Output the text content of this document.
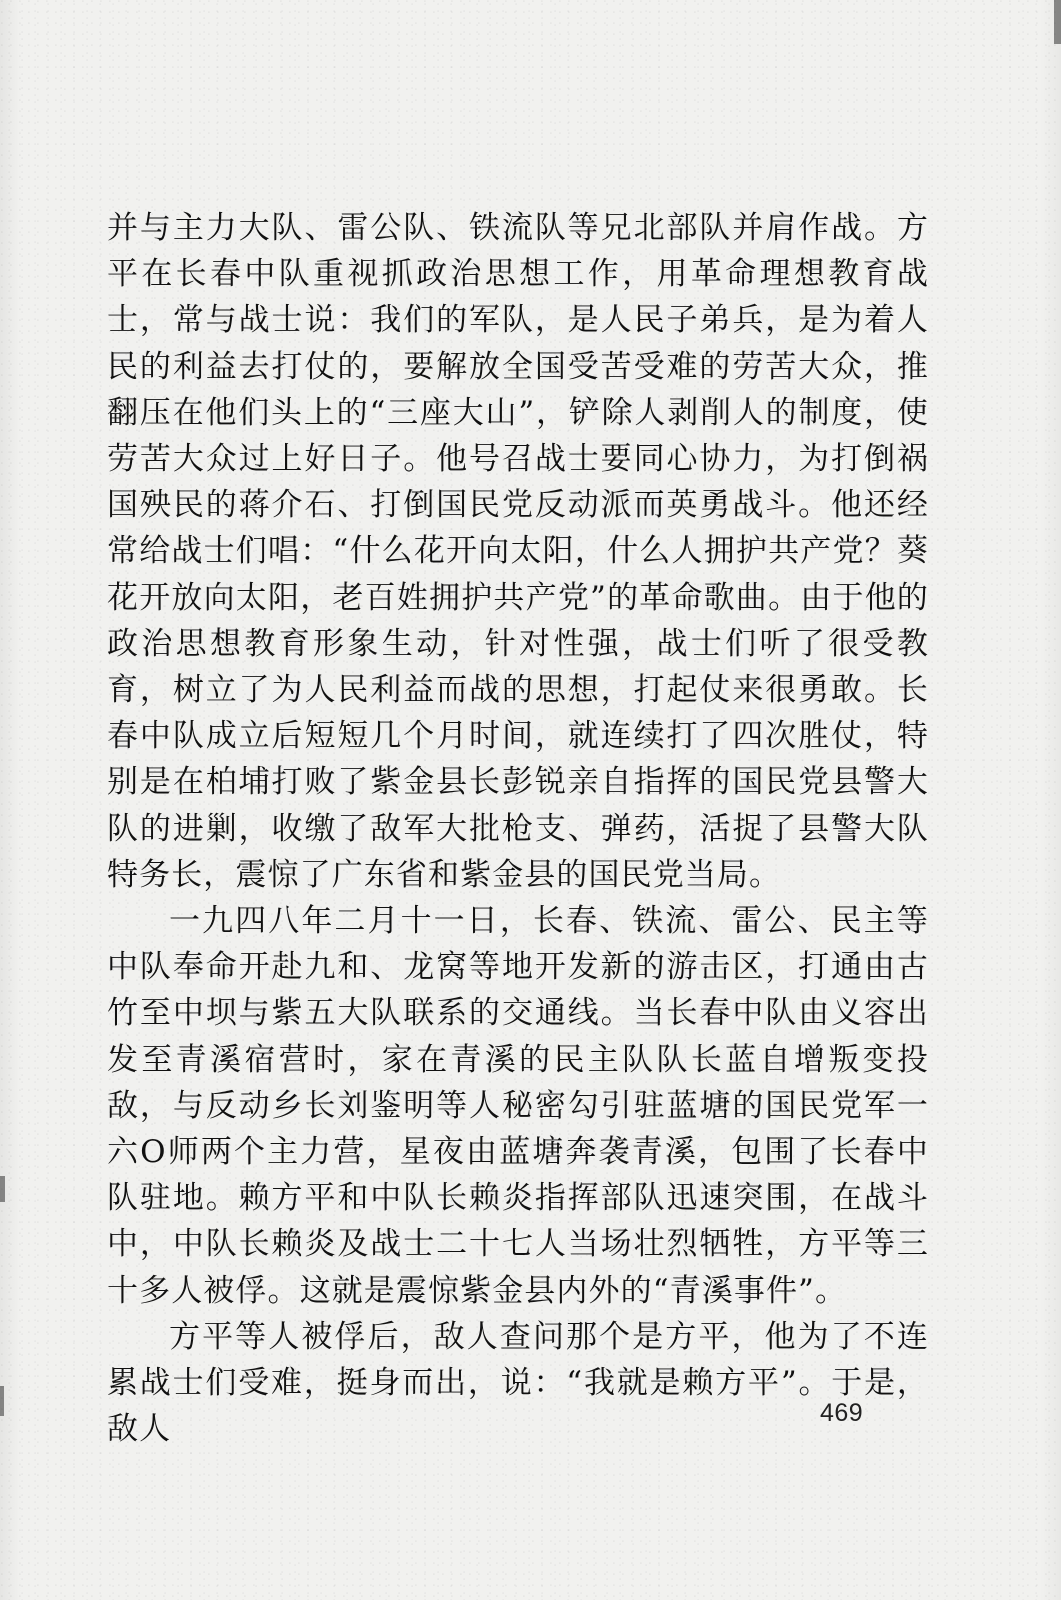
并与主力大队、雷公队、铁流队等兄北部队并肩作战。方平在长春中队重视抓政治思想工作，用革命理想教育战士，常与战士说：我们的军队，是人民子弟兵，是为着人民的利益去打仗的，要解放全国受苦受难的劳苦大众，推翻压在他们头上的“三座大山”，铲除人剥削人的制度，使劳苦大众过上好日子。他号召战士要同心协力，为打倒祸国殃民的蒋介石、打倒国民党反动派而英勇战斗。他还经常给战士们唱：“什么花开向太阳，什么人拥护共产党？葵花开放向太阳，老百姓拥护共产党”的革命歌曲。由于他的政治思想教育形象生动，针对性强，战士们听了很受教育，树立了为人民利益而战的思想，打起仗来很勇敢。长春中队成立后短短几个月时间，就连续打了四次胜仗，特别是在柏埔打败了紫金县长彭锐亲自指挥的国民党县警大队的进剿，收缴了敌军大批枪支、弹药，活捉了县警大队特务长，震惊了广东省和紫金县的国民党当局。

一九四八年二月十一日，长春、铁流、雷公、民主等中队奉命开赴九和、龙窝等地开发新的游击区，打通由古竹至中坝与紫五大队联系的交通线。当长春中队由义容出发至青溪宿营时，家在青溪的民主队队长蓝自增叛变投敌，与反动乡长刘鉴明等人秘密勾引驻蓝塘的国民党军一六O师两个主力营，星夜由蓝塘奔袭青溪，包围了长春中队驻地。赖方平和中队长赖炎指挥部队迅速突围，在战斗中，中队长赖炎及战士二十七人当场壮烈牺牲，方平等三十多人被俘。这就是震惊紫金县内外的“青溪事件”。

方平等人被俘后，敌人查问那个是方平，他为了不连累战士们受难，挺身而出，说：“我就是赖方平”。于是，敌人	469
